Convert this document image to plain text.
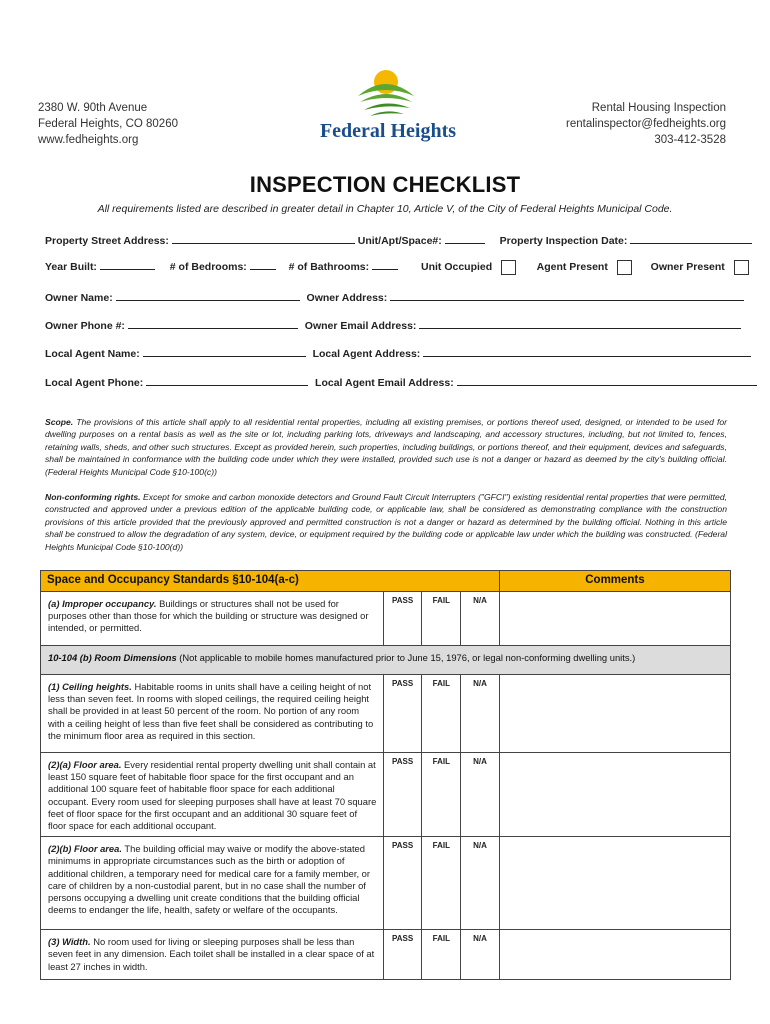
2380 W. 90th Avenue
Federal Heights, CO 80260
www.fedheights.org	Federal Heights
Rental Housing Inspection
rentalinspector@fedheights.org
303-412-3528
INSPECTION CHECKLIST
All requirements listed are described in greater detail in Chapter 10, Article V, of the City of Federal Heights Municipal Code.
Property Street Address:	Unit/Apt/Space#:	Property Inspection Date:
Year Built:	# of Bedrooms:	# of Bathrooms:	Unit Occupied	Agent Present	Owner Present
Owner Name:	Owner Address:
Owner Phone #:	Owner Email Address:
Local Agent Name:	Local Agent Address:
Local Agent Phone:	Local Agent Email Address:
Scope. The provisions of this article shall apply to all residential rental properties, including all existing premises, or portions thereof used, designed, or intended to be used for dwelling purposes on a rental basis as well as the site or lot, including parking lots, driveways and landscaping, and accessory structures, including, but not limited to, fences, retaining walls, sheds, and other such structures. Except as provided herein, such properties, including buildings, or portions thereof, and their equipment, devices and safeguards, shall be maintained in conformance with the building code under which they were installed, provided such use is not a danger or hazard as deemed by the city's building official. (Federal Heights Municipal Code §10-100(c))
Non-conforming rights. Except for smoke and carbon monoxide detectors and Ground Fault Circuit Interrupters ("GFCI") existing residential rental properties that were permitted, constructed and approved under a previous edition of the applicable building code, or applicable law, shall be considered as demonstrating compliance with the construction provisions of this article provided that the previously approved and permitted construction is not a danger or hazard as determined by the building official. Nothing in this article shall be construed to allow the degradation of any system, device, or equipment required by the building code or applicable law under which the building was constructed. (Federal Heights Municipal Code §10-100(d))
Space and Occupancy Standards §10-104(a-c)				Comments
(a) Improper occupancy. Buildings or structures shall not be used for purposes other than those for which the building or structure was designed or intended, or permitted.	PASS	FAIL	N/A	
10-104 (b) Room Dimensions (Not applicable to mobile homes manufactured prior to June 15, 1976, or legal non-conforming dwelling units.)				
(1) Ceiling heights. Habitable rooms in units shall have a ceiling height of not less than seven feet. In rooms with sloped ceilings, the required ceiling height shall be provided in at least 50 percent of the room. No portion of any room with a ceiling height of less than five feet shall be considered as contributing to the minimum floor area as required in this section.	PASS	FAIL	N/A	
(2)(a) Floor area. Every residential rental property dwelling unit shall contain at least 150 square feet of habitable floor space for the first occupant and an additional 100 square feet of habitable floor space for each additional occupant. Every room used for sleeping purposes shall have at least 70 square feet of floor space for the first occupant and an additional 30 square feet of floor space for each additional occupant.	PASS	FAIL	N/A	
(2)(b) Floor area. The building official may waive or modify the above-stated minimums in appropriate circumstances such as the birth or adoption of additional children, a temporary need for medical care for a family member, or care of children by a non-custodial parent, but in no case shall the number of persons occupying a dwelling unit create conditions that the building official deems to endanger the life, health, safety or welfare of the occupants.	PASS	FAIL	N/A	
(3) Width. No room used for living or sleeping purposes shall be less than seven feet in any dimension. Each toilet shall be installed in a clear space of at least 27 inches in width.	PASS	FAIL	N/A	
